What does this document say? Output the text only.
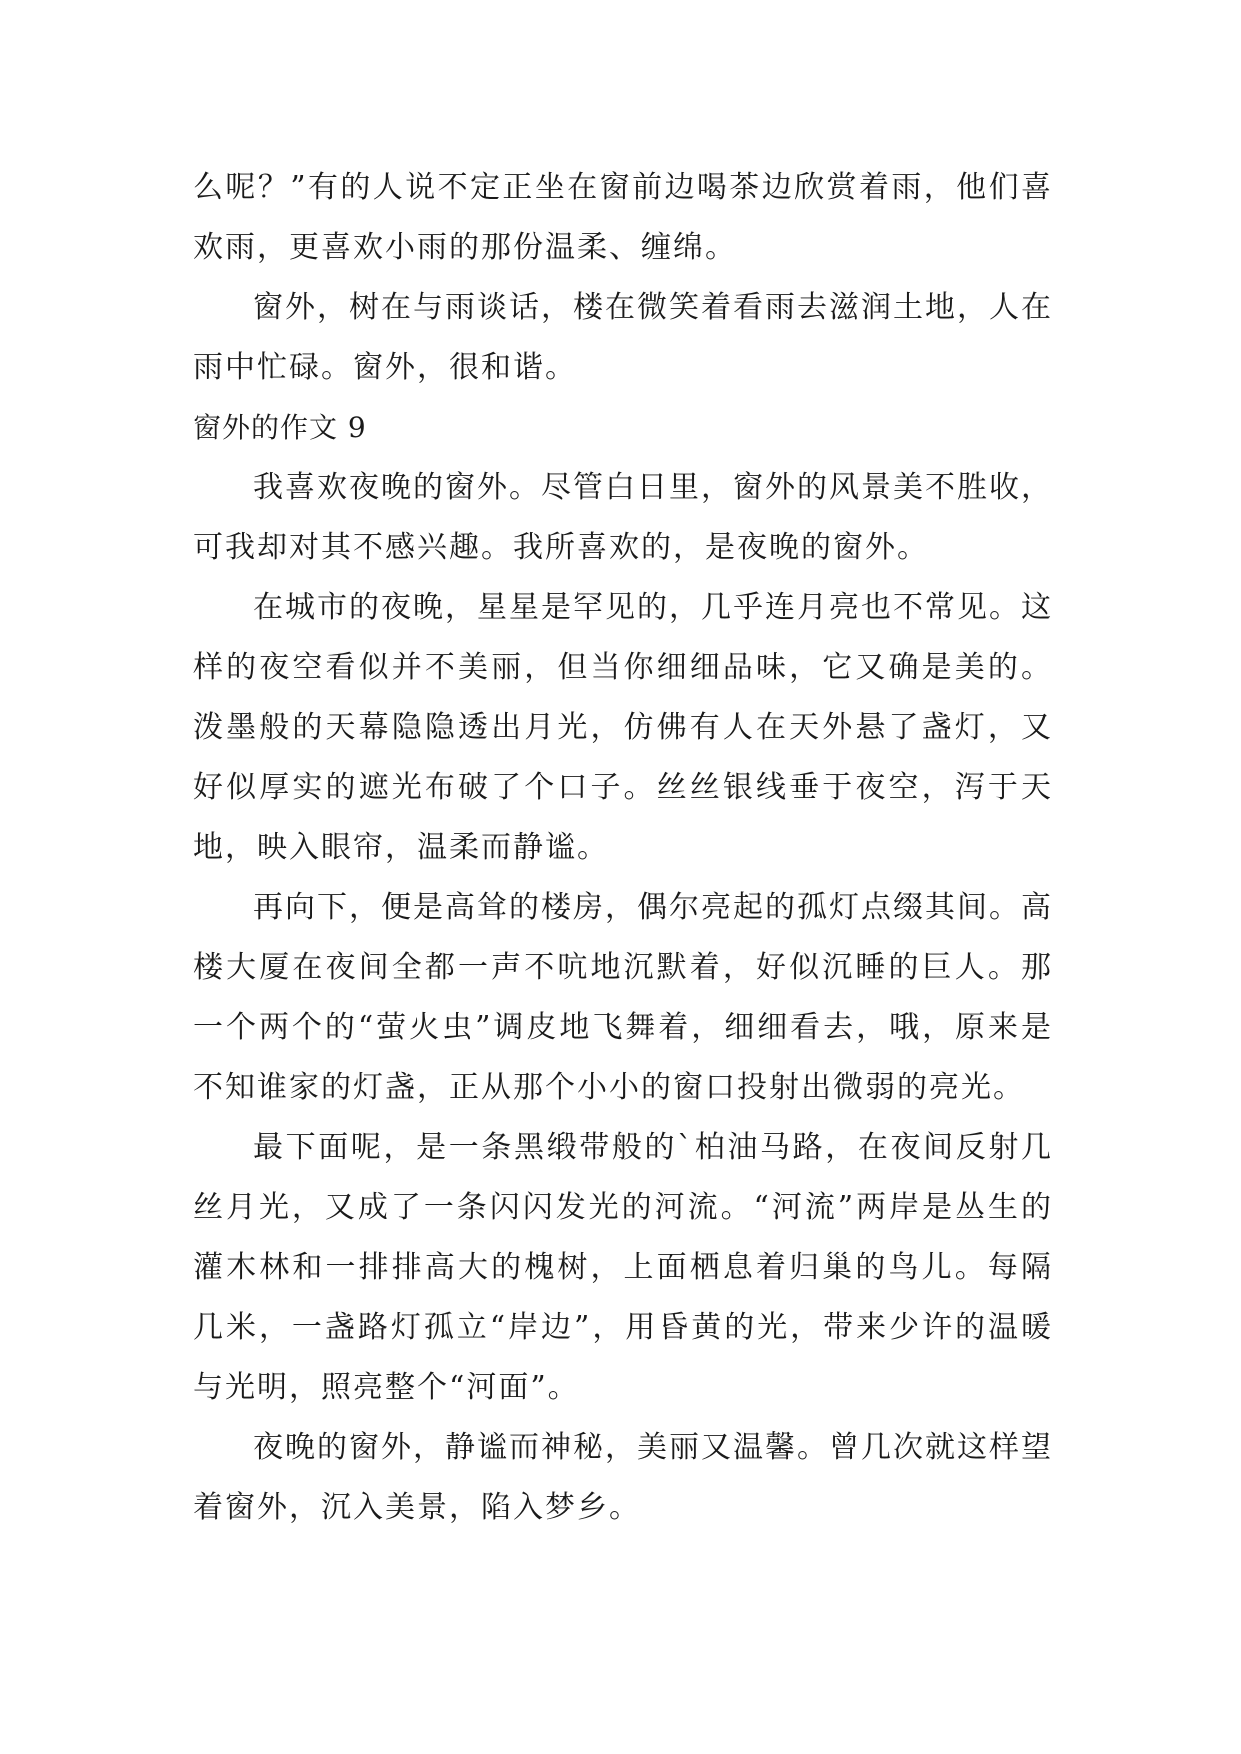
么呢？”有的人说不定正坐在窗前边喝茶边欣赏着雨，他们喜欢雨，更喜欢小雨的那份温柔、缠绵。

窗外，树在与雨谈话，楼在微笑着看雨去滋润土地，人在雨中忙碌。窗外，很和谐。

窗外的作文 9

我喜欢夜晚的窗外。尽管白日里，窗外的风景美不胜收，可我却对其不感兴趣。我所喜欢的，是夜晚的窗外。

在城市的夜晚，星星是罕见的，几乎连月亮也不常见。这样的夜空看似并不美丽，但当你细细品味，它又确是美的。泼墨般的天幕隐隐透出月光，仿佛有人在天外悬了盏灯，又好似厚实的遮光布破了个口子。丝丝银线垂于夜空，泻于天地，映入眼帘，温柔而静谧。

再向下，便是高耸的楼房，偶尔亮起的孤灯点缀其间。高楼大厦在夜间全都一声不吭地沉默着，好似沉睡的巨人。那一个两个的“萤火虫”调皮地飞舞着，细细看去，哦，原来是不知谁家的灯盏，正从那个小小的窗口投射出微弱的亮光。

最下面呢，是一条黑缎带般的`柏油马路，在夜间反射几丝月光，又成了一条闪闪发光的河流。“河流”两岸是丛生的灌木林和一排排高大的槐树，上面栖息着归巢的鸟儿。每隔几米，一盏路灯孤立“岸边”，用昏黄的光，带来少许的温暖与光明，照亮整个“河面”。

夜晚的窗外，静谧而神秘，美丽又温馨。曾几次就这样望着窗外，沉入美景，陷入梦乡。
